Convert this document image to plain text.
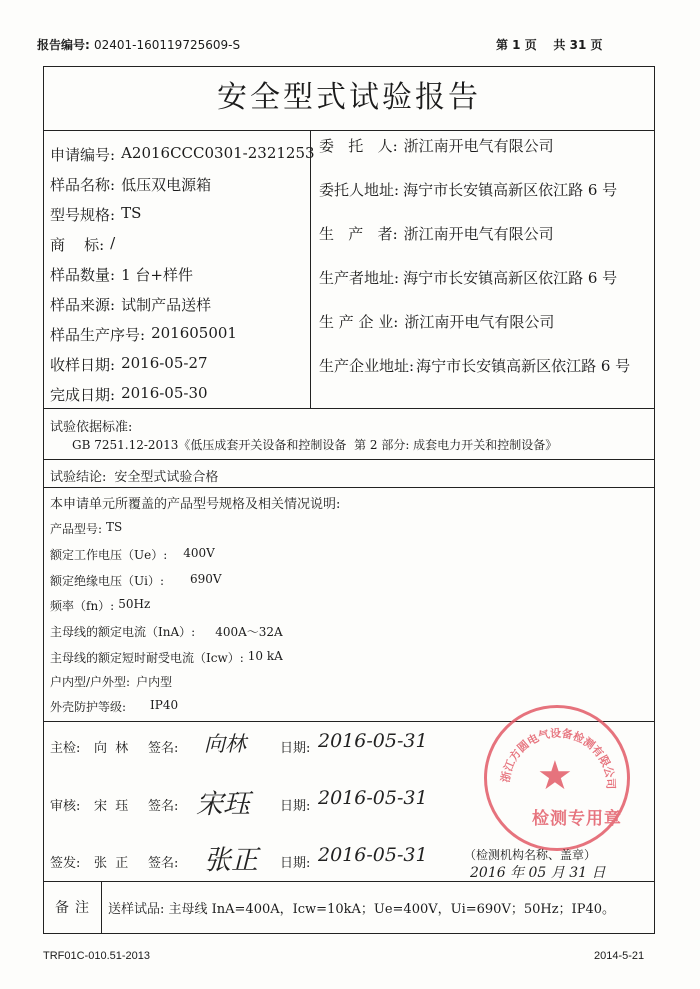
报告编号: 02401-160119725609-S	第 1 页    共 31 页
安全型式试验报告
申请编号: A2016CCC0301-2321253
样品名称: 低压双电源箱
型号规格: TS
商    标: /
样品数量: 1 台+样件
样品来源: 试制产品送样
样品生产序号: 201605001
收样日期: 2016-05-27
完成日期: 2016-05-30
委   托   人: 浙江南开电气有限公司
委托人地址: 海宁市长安镇高新区依江路 6 号
生   产   者: 浙江南开电气有限公司
生产者地址: 海宁市长安镇高新区依江路 6 号
生 产 企 业: 浙江南开电气有限公司
生产企业地址: 海宁市长安镇高新区依江路 6 号
试验依据标准:
GB 7251.12-2013《低压成套开关设备和控制设备  第 2 部分: 成套电力开关和控制设备》
试验结论: 安全型式试验合格
本申请单元所覆盖的产品型号规格及相关情况说明:
产品型号: TS
额定工作电压（Ue）: 400V
额定绝缘电压（Ui）: 690V
频率（fn）: 50Hz
主母线的额定电流（InA）: 400A～32A
主母线的额定短时耐受电流（Icw）: 10 kA
户内型/户外型: 户内型
外壳防护等级: IP40
主检: 向  林 签名: 向林	日期: 2016-05-31
审核: 宋  珏 签名: 宋珏 日期: 2016-05-31
签发: 张  正 签名: 张正 日期: 2016-05-31
浙江方圆电气设备检测有限公司
★
检测专用章
（检测机构名称、盖章）
2016 年 05 月 31 日
备注 送样试品: 主母线 InA=400A，Icw=10kA；Ue=400V，Ui=690V；50Hz；IP40。
TRF01C-010.51-2013	2014-5-21
